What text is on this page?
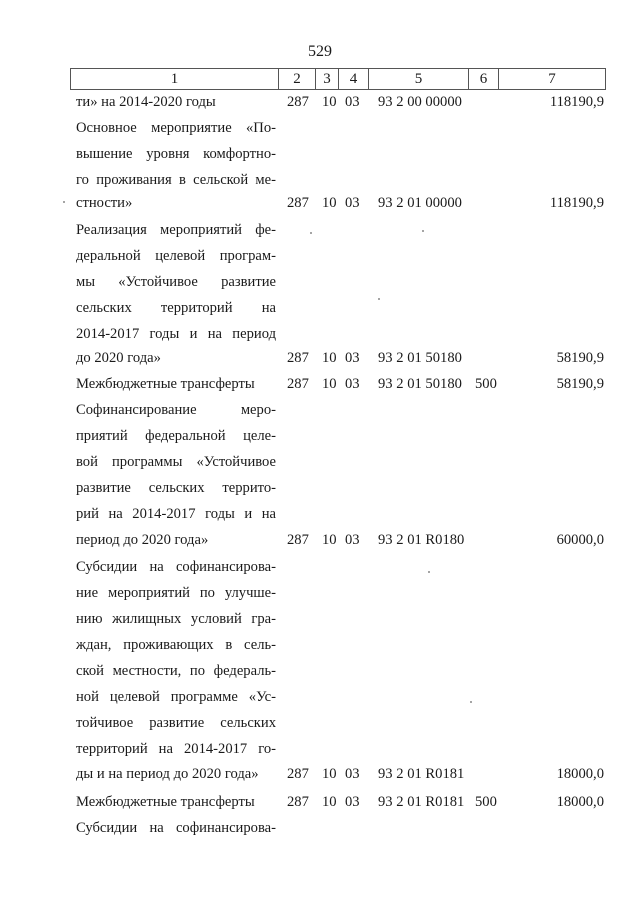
529
1	2	3	4	5	6	7
ти» на 2014-2020 годы	287 10 03 93 2 00 00000	118190,9
Основное мероприятие «По-
вышение уровня комфортно-
го проживания в сельской ме-
стности»	287 10 03 93 2 01 00000	118190,9
Реализация мероприятий фе-
деральной целевой програм-
мы «Устойчивое развитие
сельских территорий на
2014-2017 годы и на период
до 2020 года»	287 10 03 93 2 01 50180	58190,9
Межбюджетные трансферты 287 10 03 93 2 01 50180 500	58190,9
Софинансирование меро-
приятий федеральной целе-
вой программы «Устойчивое
развитие сельских террито-
рий на 2014-2017 годы и на
период до 2020 года»	287 10 03 93 2 01 R0180	60000,0
Субсидии на софинансирова-
ние мероприятий по улучше-
нию жилищных условий гра-
ждан, проживающих в сель-
ской местности, по федераль-
ной целевой программе «Ус-
тойчивое развитие сельских
территорий на 2014-2017 го-
ды и на период до 2020 года» 287 10 03 93 2 01 R0181	18000,0
Межбюджетные трансферты 287 10 03 93 2 01 R0181 500	18000,0
Субсидии на софинансирова-
